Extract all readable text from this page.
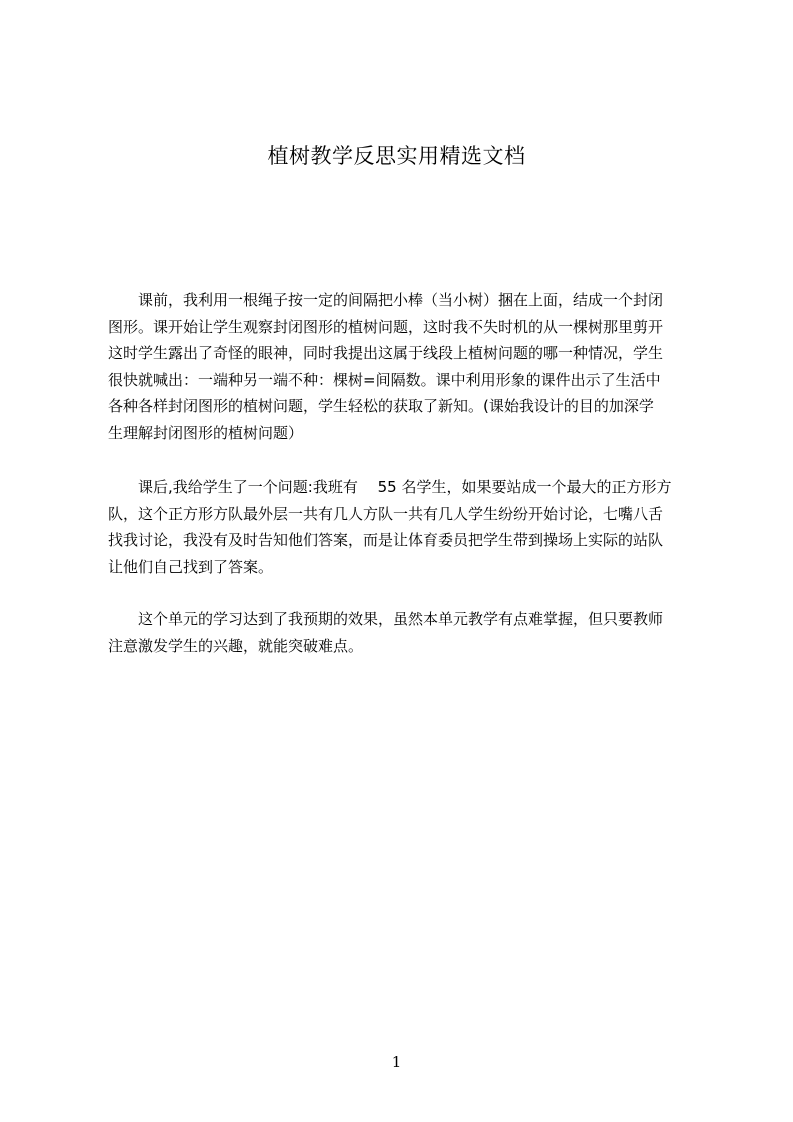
植树教学反思实用精选文档
课前，我利用一根绳子按一定的间隔把小棒（当小树）捆在上面，结成一个封闭
图形。课开始让学生观察封闭图形的植树问题，这时我不失时机的从一棵树那里剪开
这时学生露出了奇怪的眼神，同时我提出这属于线段上植树问题的哪一种情况，学生
很快就喊出：一端种另一端不种：棵树=间隔数。课中利用形象的课件出示了生活中
各种各样封闭图形的植树问题，学生轻松的获取了新知。(课始我设计的目的加深学
生理解封闭图形的植树问题）
课后,我给学生了一个问题:我班有　 55 名学生，如果要站成一个最大的正方形方
队，这个正方形方队最外层一共有几人方队一共有几人学生纷纷开始讨论，七嘴八舌
找我讨论，我没有及时告知他们答案，而是让体育委员把学生带到操场上实际的站队
让他们自己找到了答案。
这个单元的学习达到了我预期的效果，虽然本单元教学有点难掌握，但只要教师
注意激发学生的兴趣，就能突破难点。
1
